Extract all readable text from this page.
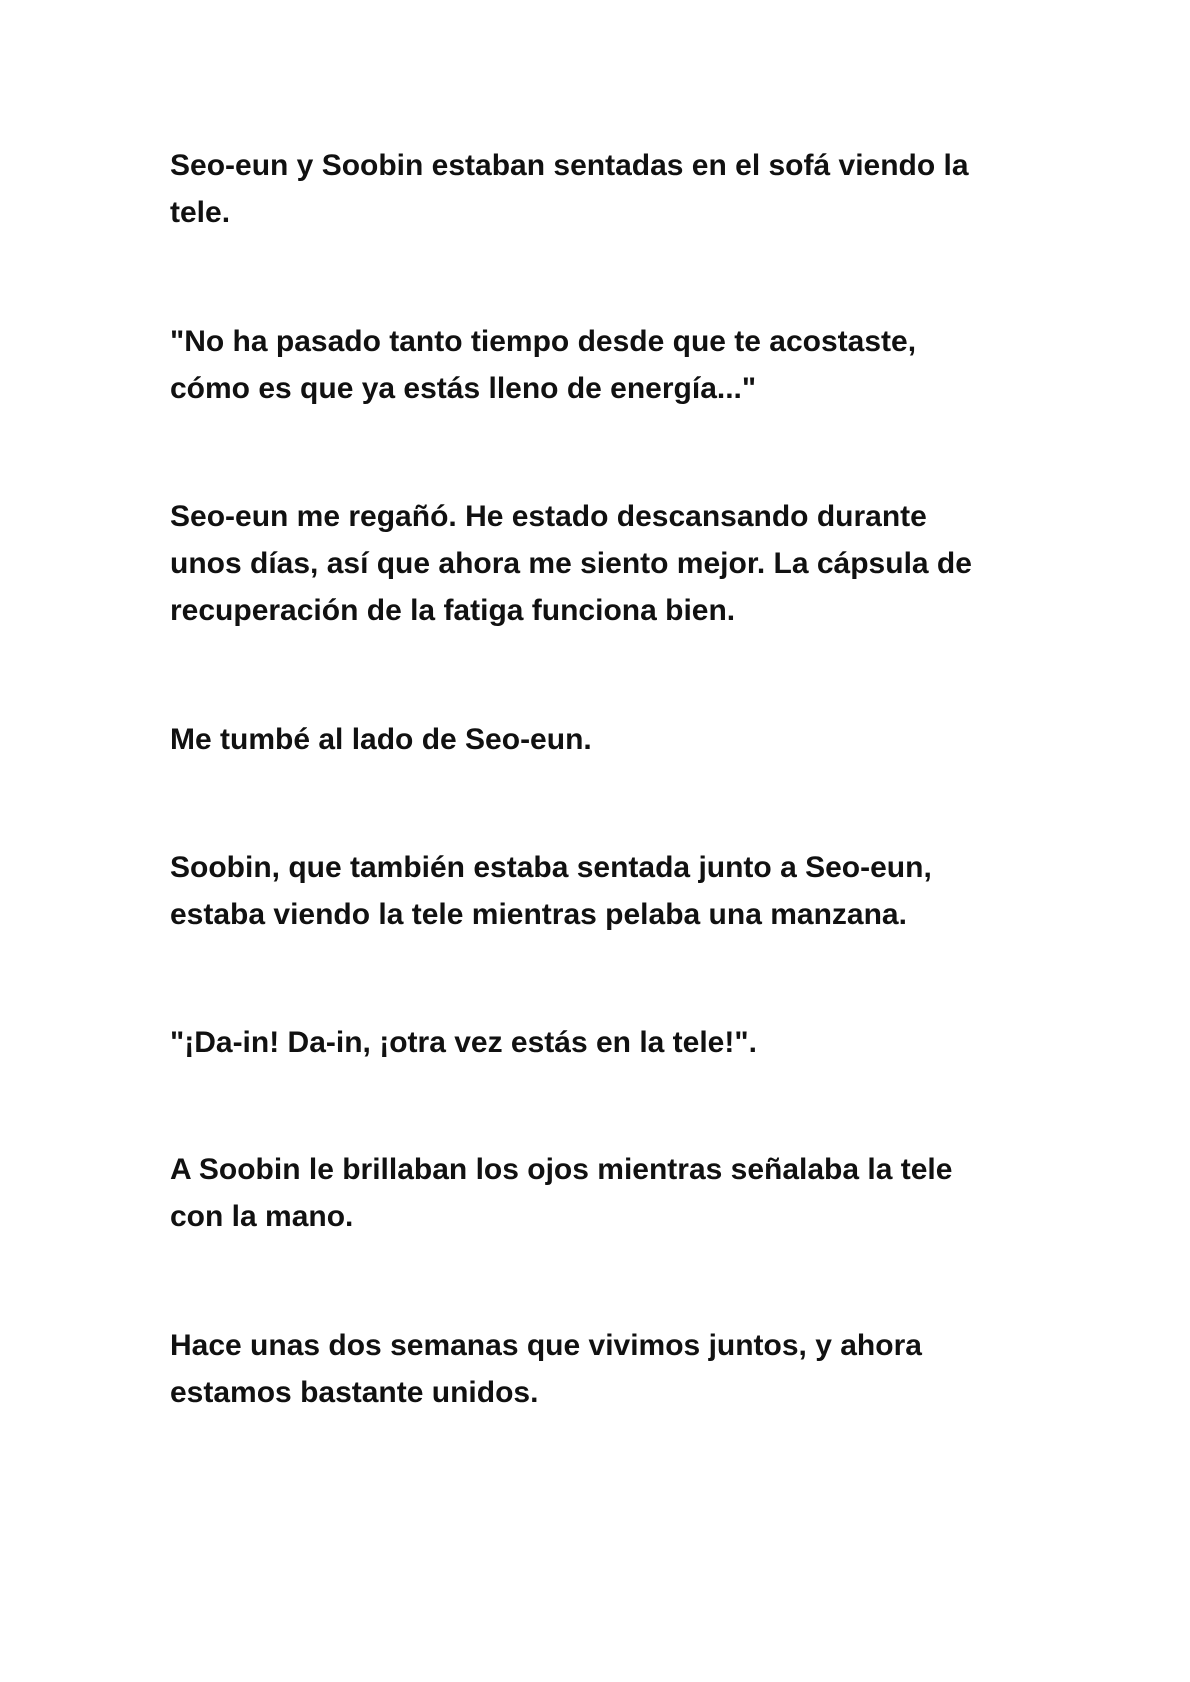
Seo-eun y Soobin estaban sentadas en el sofá viendo la
tele.

"No ha pasado tanto tiempo desde que te acostaste,
cómo es que ya estás lleno de energía..."

Seo-eun me regañó. He estado descansando durante
unos días, así que ahora me siento mejor. La cápsula de
recuperación de la fatiga funciona bien.

Me tumbé al lado de Seo-eun.

Soobin, que también estaba sentada junto a Seo-eun,
estaba viendo la tele mientras pelaba una manzana.

"¡Da-in! Da-in, ¡otra vez estás en la tele!".

A Soobin le brillaban los ojos mientras señalaba la tele
con la mano.

Hace unas dos semanas que vivimos juntos, y ahora
estamos bastante unidos.
